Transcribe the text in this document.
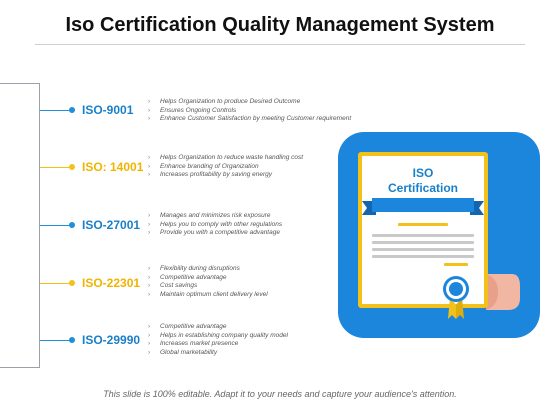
Iso Certification Quality Management System
ISO-9001
› Helps Organization to produce Desired Outcome
› Ensures Ongoing Controls
› Enhance Customer Satisfaction by meeting Customer requirement
ISO: 14001
› Helps Organization to reduce waste handling cost
› Enhance branding of Organization
› Increases profitability by saving energy
ISO-27001
› Manages and minimizes risk exposure
› Helps you to comply with other regulations
› Provide you with a competitive advantage
ISO-22301
› Flexibility during disruptions
› Competitive advantage
› Cost savings
› Maintain optimum client delivery level
ISO-29990
› Competitive advantage
› Helps in establishing company quality model
› Increases market presence
› Global marketability
ISO
Certification
This slide is 100% editable. Adapt it to your needs and capture your audience's attention.
